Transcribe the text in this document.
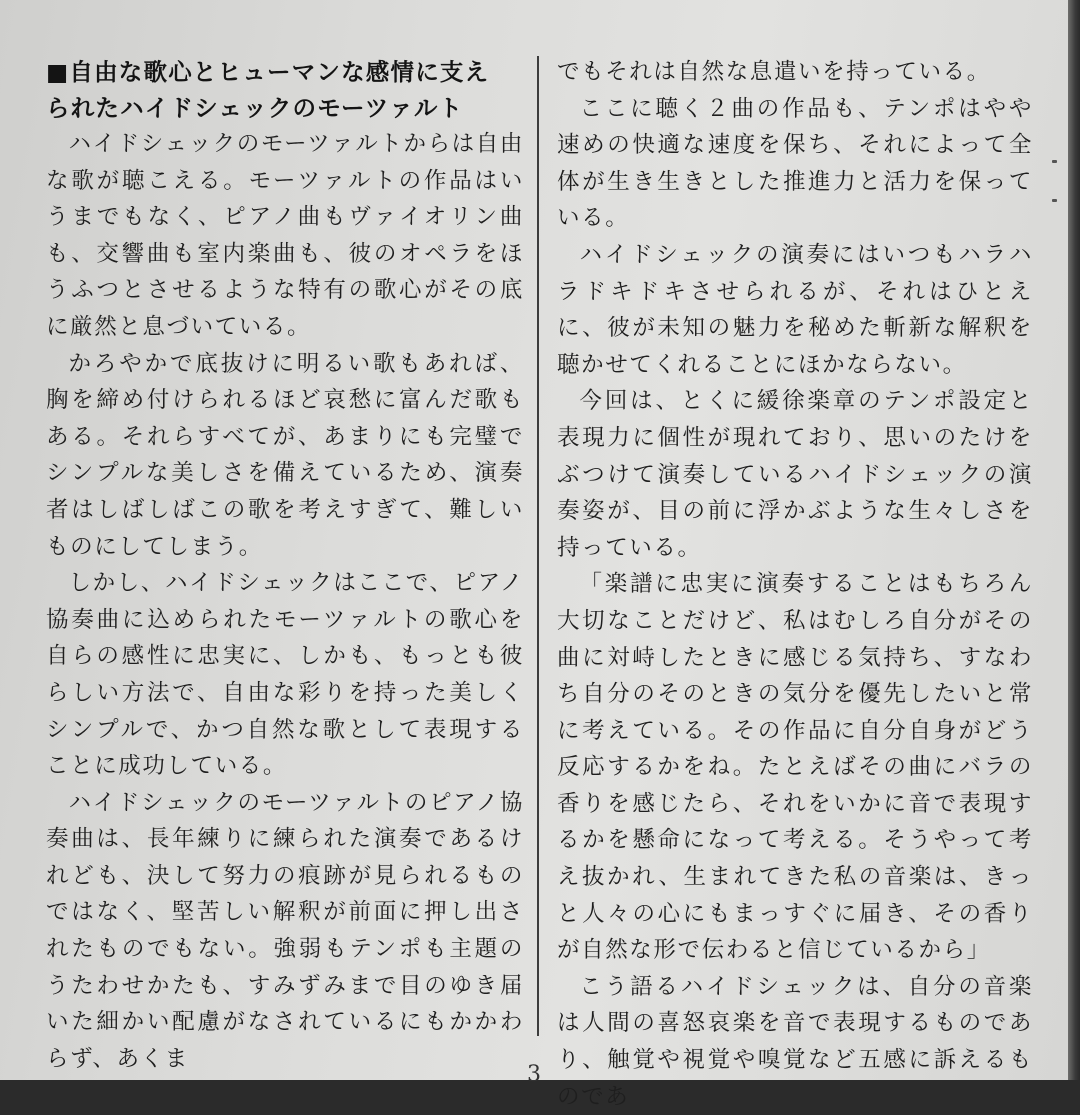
■自由な歌心とヒューマンな感情に支え
られたハイドシェックのモーツァルト

ハイドシェックのモーツァルトからは自由な歌が聴こえる。モーツァルトの作品はいうまでもなく、ピアノ曲もヴァイオリン曲も、交響曲も室内楽曲も、彼のオペラをほうふつとさせるような特有の歌心がその底に厳然と息づいている。

かろやかで底抜けに明るい歌もあれば、胸を締め付けられるほど哀愁に富んだ歌もある。それらすべてが、あまりにも完璧でシンプルな美しさを備えているため、演奏者はしばしばこの歌を考えすぎて、難しいものにしてしまう。

しかし、ハイドシェックはここで、ピアノ協奏曲に込められたモーツァルトの歌心を自らの感性に忠実に、しかも、もっとも彼らしい方法で、自由な彩りを持った美しくシンプルで、かつ自然な歌として表現することに成功している。

ハイドシェックのモーツァルトのピアノ協奏曲は、長年練りに練られた演奏であるけれども、決して努力の痕跡が見られるものではなく、堅苦しい解釈が前面に押し出されたものでもない。強弱もテンポも主題のうたわせかたも、すみずみまで目のゆき届いた細かい配慮がなされているにもかかわらず、あくま

でもそれは自然な息遣いを持っている。

ここに聴く２曲の作品も、テンポはやや速めの快適な速度を保ち、それによって全体が生き生きとした推進力と活力を保っている。

ハイドシェックの演奏にはいつもハラハラドキドキさせられるが、それはひとえに、彼が未知の魅力を秘めた斬新な解釈を聴かせてくれることにほかならない。

今回は、とくに緩徐楽章のテンポ設定と表現力に個性が現れており、思いのたけをぶつけて演奏しているハイドシェックの演奏姿が、目の前に浮かぶような生々しさを持っている。

「楽譜に忠実に演奏することはもちろん大切なことだけど、私はむしろ自分がその曲に対峙したときに感じる気持ち、すなわち自分のそのときの気分を優先したいと常に考えている。その作品に自分自身がどう反応するかをね。たとえばその曲にバラの香りを感じたら、それをいかに音で表現するかを懸命になって考える。そうやって考え抜かれ、生まれてきた私の音楽は、きっと人々の心にもまっすぐに届き、その香りが自然な形で伝わると信じているから」

こう語るハイドシェックは、自分の音楽は人間の喜怒哀楽を音で表現するものであり、触覚や視覚や嗅覚など五感に訴えるものであ

3
